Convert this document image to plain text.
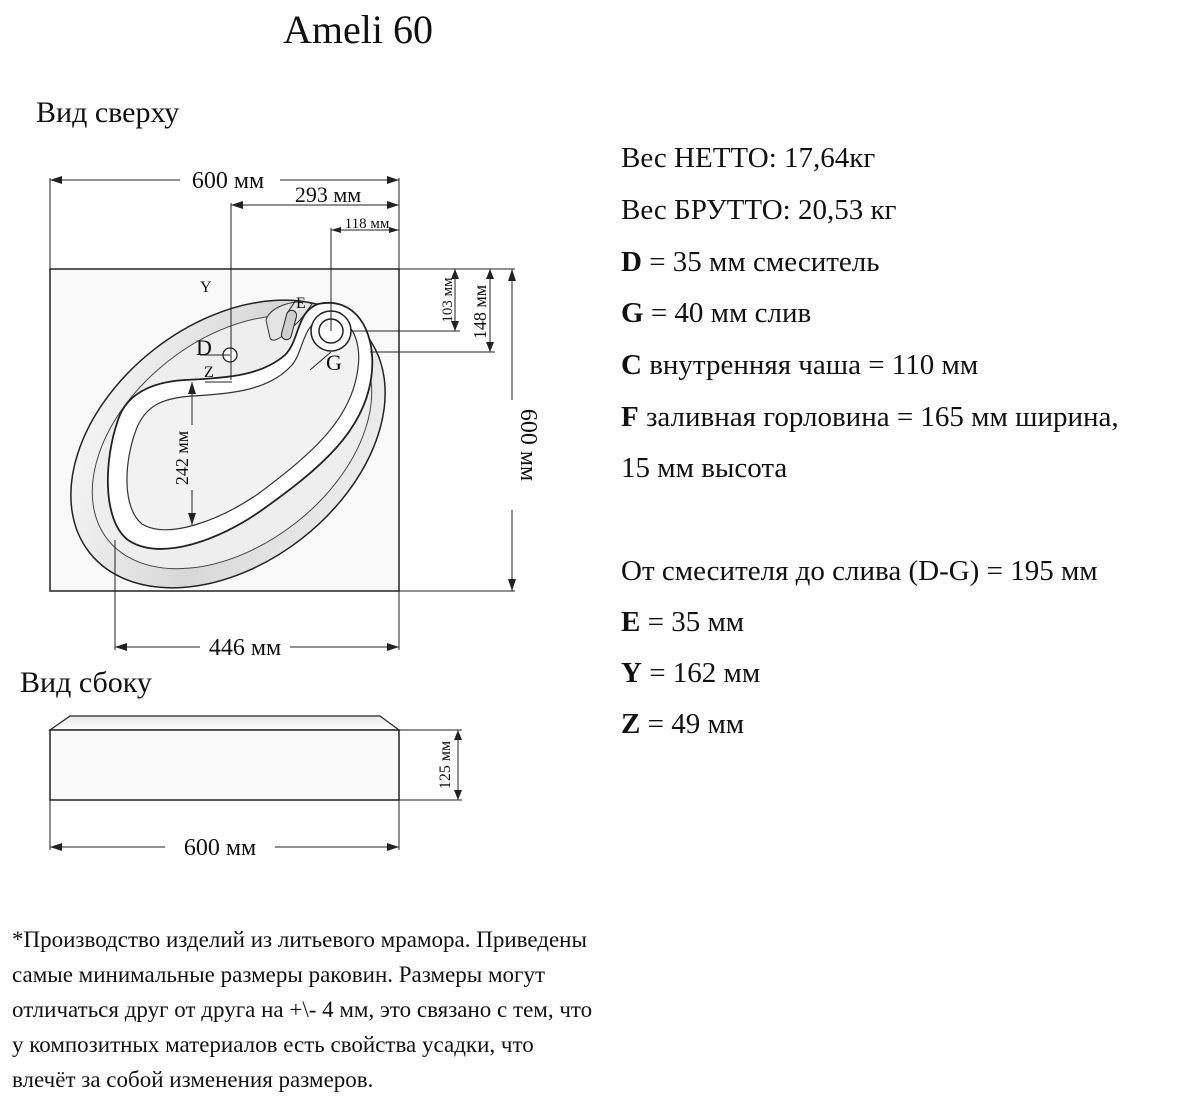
Ameli 60
Вид сверху
Вид сбоку
600 мм
293 мм
118 мм
103 мм 148 мм
600 мм
242 мм
446 мм
Y
D
Z
E
G
125 мм
600 мм
Вес НЕТТО: 17,64кг
Вес БРУТТО: 20,53 кг
D = 35 мм смеситель
G = 40 мм слив
C внутренняя чаша = 110 мм
F заливная горловина = 165 мм ширина,
15 мм высота
От смесителя до слива (D-G) = 195 мм
E = 35 мм
Y = 162 мм
Z = 49 мм
*Производство изделий из литьевого мрамора. Приведены
самые минимальные размеры раковин. Размеры могут
отличаться друг от друга на +\- 4 мм, это связано с тем, что
у композитных материалов есть свойства усадки, что
влечёт за собой изменения размеров.
